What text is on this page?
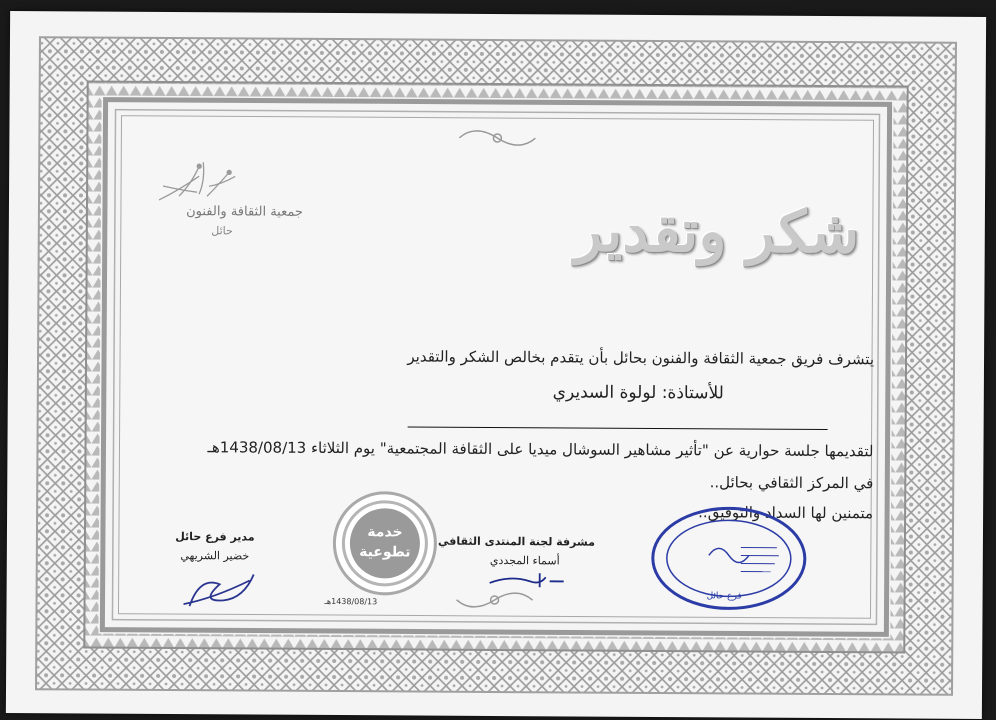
جمعية الثقافة والفنون
حائل	شكر وتقدير
يتشرف فريق جمعية الثقافة والفنون بحائل بأن يتقدم بخالص الشكر والتقدير
للأستاذة: لولوة السديري
لتقديمها جلسة حوارية عن "تأثير مشاهير السوشال ميديا على الثقافة المجتمعية" يوم الثلاثاء 1438/08/13هـ
في المركز الثقافي بحائل..
متمنين لها السداد والتوفيق..
مدير فرع حائل
خضير الشريهي
خدمة
تطوعية
1438/08/13هـ
مشرفة لجنة المنتدى الثقافي
أسماء المجددي
فرع حائل
